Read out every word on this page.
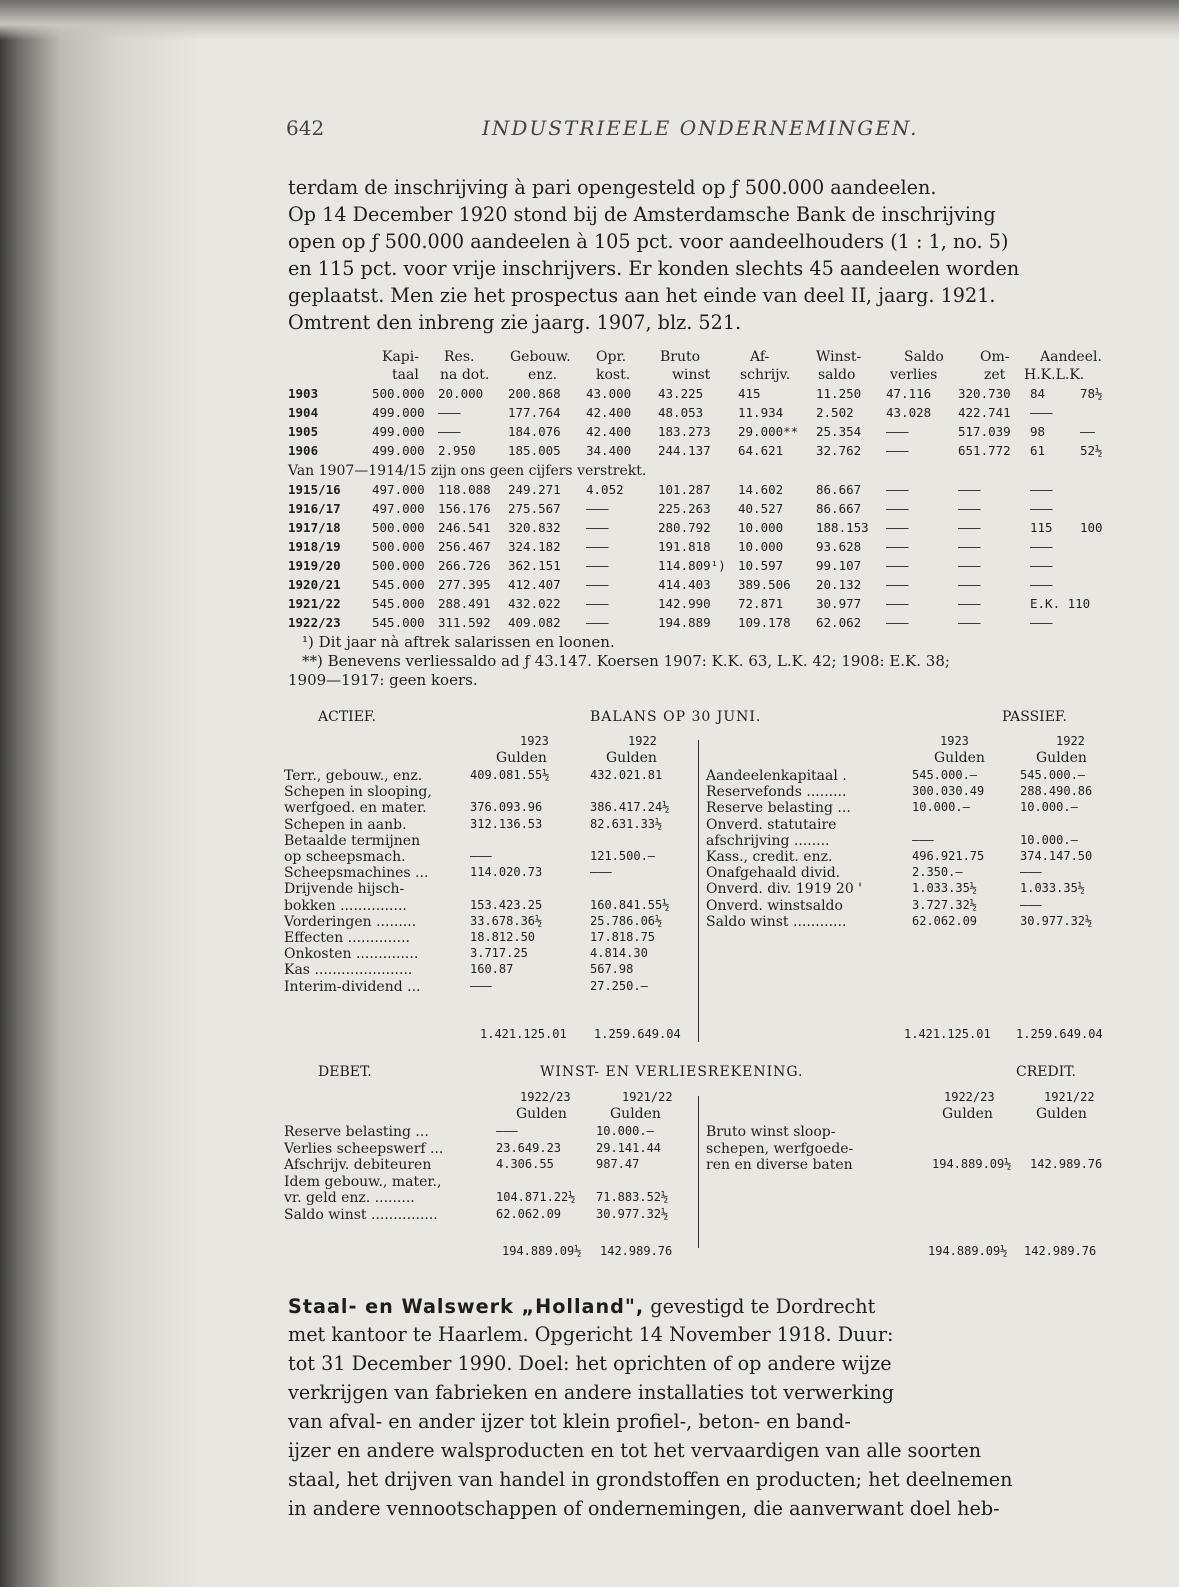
642	INDUSTRIEELE ONDERNEMINGEN.

terdam de inschrijving à pari opengesteld op ƒ 500.000 aandeelen.

Op 14 December 1920 stond bij de Amsterdamsche Bank de inschrijving

open op ƒ 500.000 aandeelen à 105 pct. voor aandeelhouders (1 : 1, no. 5)

en 115 pct. voor vrije inschrijvers. Er konden slechts 45 aandeelen worden

geplaatst. Men zie het prospectus aan het einde van deel II, jaarg. 1921.

Omtrent den inbreng zie jaarg. 1907, blz. 521.

Kapi- Res.	Gebouw. Opr. Bruto	Af-	Winst-	Saldo	Om- Aandeel.
taal na dot.	enz.	kost.	winst schrijv. saldo verlies	zet H.K.L.K.
1903	500.000 20.000 200.868 43.000 43.225	415	11.250 47.116 320.730 84	78½
1904	499.000 ———	177.764 42.400 48.053	11.934	2.502	43.028 422.741 ———
1905	499.000 ———	184.076 42.400 183.273 29.000** 25.354 ———	517.039 98	——
1906	499.000 2.950	185.005 34.400 244.137 64.621	32.762 ———	651.772 61	52½
1915/16	497.000 118.088 249.271 4.052	101.287 14.602	86.667 ———	———	———
1916/17	497.000 156.176 275.567 ———	225.263 40.527	86.667 ———	———	———
1917/18	500.000 246.541 320.832 ———	280.792 10.000	188.153 ———	———	115 100
1918/19	500.000 256.467 324.182 ———	191.818 10.000	93.628 ———	———	———
1919/20	500.000 266.726 362.151 ———	114.809¹) 10.597	99.107 ———	———	———
1920/21	545.000 277.395 412.407 ———	414.403 389.506 20.132 ———	———	———
1921/22	545.000 288.491 432.022 ———	142.990 72.871	30.977 ———	———	E.K. 110
1922/23	545.000 311.592 409.082 ———	194.889 109.178 62.062 ———	———	———
Van 1907—1914/15 zijn ons geen cijfers verstrekt.
¹) Dit jaar nà aftrek salarissen en loonen.
**) Benevens verliessaldo ad ƒ 43.147. Koersen 1907: K.K. 63, L.K. 42; 1908: E.K. 38;
1909—1917: geen koers.
ACTIEF.	BALANS OP 30 JUNI.	PASSIEF.
1923	1922
Gulden	Gulden
1923	1922
Gulden	Gulden
Terr., gebouw., enz.	409.081.55½	432.021.81
Schepen in slooping,
werfgoed. en mater.	376.093.96	386.417.24½
Schepen in aanb.	312.136.53	82.631.33½
Betaalde termijnen
op scheepsmach.	———	121.500.—
Scheepsmachines ...	114.020.73	———
Drijvende hijsch-
bokken ...............	153.423.25	160.841.55½
Vorderingen .........	33.678.36½	25.786.06½
Effecten ..............	18.812.50	17.818.75
Onkosten ..............	3.717.25	4.814.30
Kas ......................	160.87	567.98
Interim-dividend ...	———	27.250.—
Aandeelenkapitaal .	545.000.—	545.000.—
Reservefonds .........	300.030.49	288.490.86
Reserve belasting ...	10.000.—	10.000.—
Onverd. statutaire
afschrijving ........	———	10.000.—
Kass., credit. enz.	496.921.75	374.147.50
Onafgehaald divid.	2.350.—	———
Onverd. div. 1919 20 '	1.033.35½	1.033.35½
Onverd. winstsaldo	3.727.32½	———
Saldo winst ............	62.062.09	30.977.32½
1.421.125.01 1.259.649.04	1.421.125.01 1.259.649.04
DEBET.	WINST- EN VERLIESREKENING.	CREDIT.
1922/23	1921/22
Gulden	Gulden
1922/23	1921/22
Gulden	Gulden
Reserve belasting ...	———	10.000.—
Verlies scheepswerf ...	23.649.23	29.141.44
Afschrijv. debiteuren	4.306.55	987.47
Idem gebouw., mater.,
vr. geld enz. .........	104.871.22½ 71.883.52½
Saldo winst ...............	62.062.09	30.977.32½
Bruto winst sloop-
schepen, werfgoede-
ren en diverse baten	194.889.09½ 142.989.76
194.889.09½ 142.989.76	194.889.09½ 142.989.76

Staal- en Walswerk „Holland", gevestigd te Dordrecht

met kantoor te Haarlem. Opgericht 14 November 1918. Duur:

tot 31 December 1990. Doel: het oprichten of op andere wijze

verkrijgen van fabrieken en andere installaties tot verwerking

van afval- en ander ijzer tot klein profiel-, beton- en band-

ijzer en andere walsproducten en tot het vervaardigen van alle soorten

staal, het drijven van handel in grondstoffen en producten; het deelnemen

in andere vennootschappen of ondernemingen, die aanverwant doel heb-
